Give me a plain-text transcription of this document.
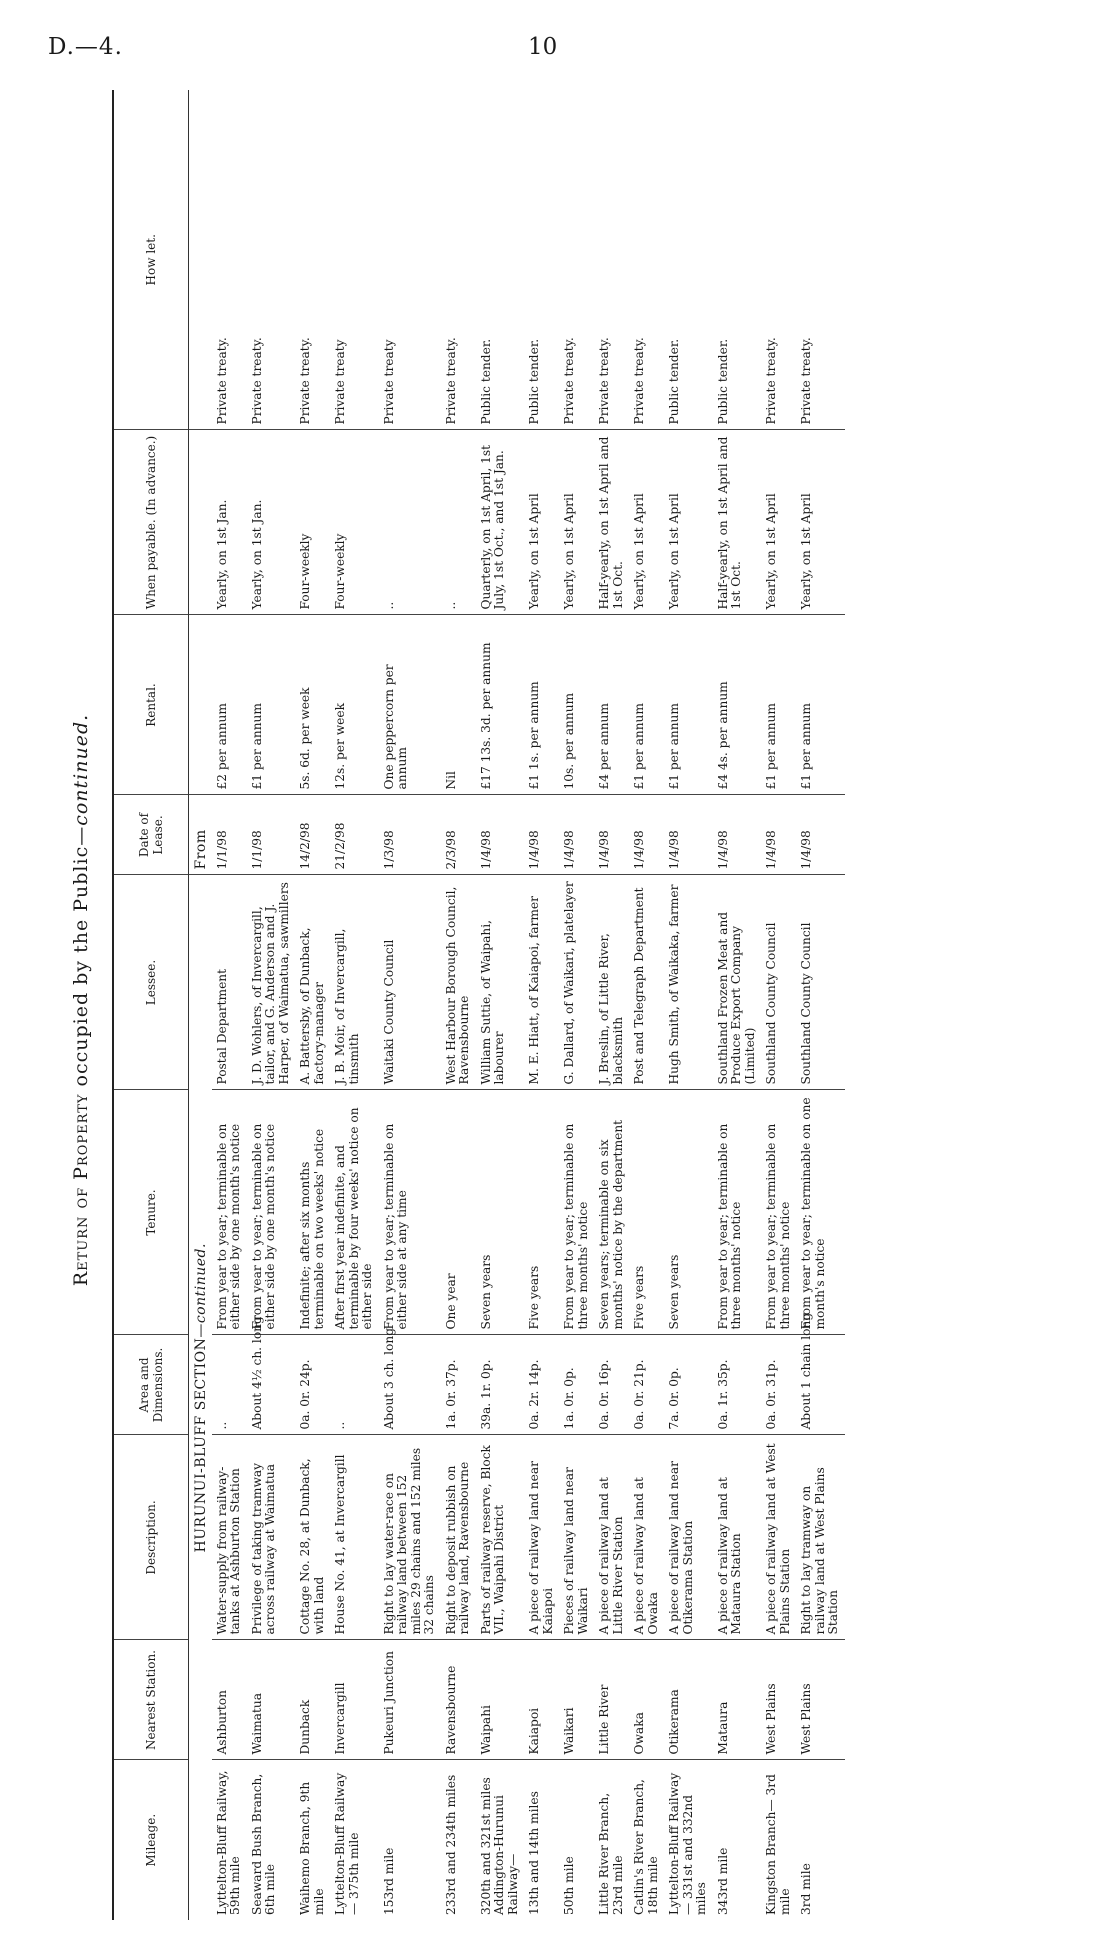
D.—4.	10
Return of Property occupied by the Public—continued.
Mileage.	Nearest Station.	Description.	Area and Dimensions.	Tenure.	Lessee.	Date of Lease.	Rental.	When payable. (In advance.)	How let.
HURUNUI-BLUFF SECTION—continued.						From			
Lyttelton-Bluff Railway, 59th mile	Ashburton	Water-supply from railway-tanks at Ashburton Station	..	From year to year; terminable on either side by one month's notice	Postal Department	1/1/98	£2 per annum	Yearly, on 1st Jan.	Private treaty.
Seaward Bush Branch, 6th mile	Waimatua	Privilege of taking tramway across railway at Waimatua	About 4½ ch. long	From year to year; terminable on either side by one month's notice	J. D. Wohlers, of Invercargill, tailor, and G. Anderson and J. Harper, of Waimatua, sawmillers	1/1/98	£1 per annum	Yearly, on 1st Jan.	Private treaty.
Waihemo Branch, 9th mile	Dunback	Cottage No. 28, at Dunback, with land	0a. 0r. 24p.	Indefinite; after six months terminable on two weeks' notice	A. Battersby, of Dunback, factory-manager	14/2/98	5s. 6d. per week	Four-weekly	Private treaty.
Lyttelton-Bluff Railway— 375th mile	Invercargill	House No. 41, at Invercargill	..	After first year indefinite, and terminable by four weeks' notice on either side	J. B. Moir, of Invercargill, tinsmith	21/2/98	12s. per week	Four-weekly	Private treaty
153rd mile	Pukeuri Junction	Right to lay water-race on railway land between 152 miles 29 chains and 152 miles 32 chains	About 3 ch. long	From year to year; terminable on either side at any time	Waitaki County Council	1/3/98	One peppercorn per annum	..	Private treaty
233rd and 234th miles	Ravensbourne	Right to deposit rubbish on railway land, Ravensbourne	1a. 0r. 37p.	One year	West Harbour Borough Council, Ravensbourne	2/3/98	Nil	..	Private treaty.
320th and 321st miles Addington-Hurunui Railway—	Waipahi	Parts of railway reserve, Block VII., Waipahi District	39a. 1r. 0p.	Seven years	William Suttie, of Waipahi, labourer	1/4/98	£17 13s. 3d. per annum	Quarterly, on 1st April, 1st July, 1st Oct., and 1st Jan.	Public tender.
13th and 14th miles	Kaiapoi	A piece of railway land near Kaiapoi	0a. 2r. 14p.	Five years	M. E. Hiatt, of Kaiapoi, farmer	1/4/98	£1 1s. per annum	Yearly, on 1st April	Public tender.
50th mile	Waikari	Pieces of railway land near Waikari	1a. 0r. 0p.	From year to year; terminable on three months' notice	G. Dallard, of Waikari, platelayer	1/4/98	10s. per annum	Yearly, on 1st April	Private treaty.
Little River Branch, 23rd mile	Little River	A piece of railway land at Little River Station	0a. 0r. 16p.	Seven years; terminable on six months' notice by the department	J. Breslin, of Little River, blacksmith	1/4/98	£4 per annum	Half-yearly, on 1st April and 1st Oct.	Private treaty.
Catlin's River Branch, 18th mile	Owaka	A piece of railway land at Owaka	0a. 0r. 21p.	Five years	Post and Telegraph Department	1/4/98	£1 per annum	Yearly, on 1st April	Private treaty.
Lyttelton-Bluff Railway— 331st and 332nd miles	Otikerama	A piece of railway land near Otikerama Station	7a. 0r. 0p.	Seven years	Hugh Smith, of Waikaka, farmer	1/4/98	£1 per annum	Yearly, on 1st April	Public tender.
343rd mile	Mataura	A piece of railway land at Mataura Station	0a. 1r. 35p.	From year to year; terminable on three months' notice	Southland Frozen Meat and Produce Export Company (Limited)	1/4/98	£4 4s. per annum	Half-yearly, on 1st April and 1st Oct.	Public tender.
Kingston Branch— 3rd mile	West Plains	A piece of railway land at West Plains Station	0a. 0r. 31p.	From year to year; terminable on three months' notice	Southland County Council	1/4/98	£1 per annum	Yearly, on 1st April	Private treaty.
3rd mile	West Plains	Right to lay tramway on railway land at West Plains Station	About 1 chain long	From year to year; terminable on one month's notice	Southland County Council	1/4/98	£1 per annum	Yearly, on 1st April	Private treaty.
